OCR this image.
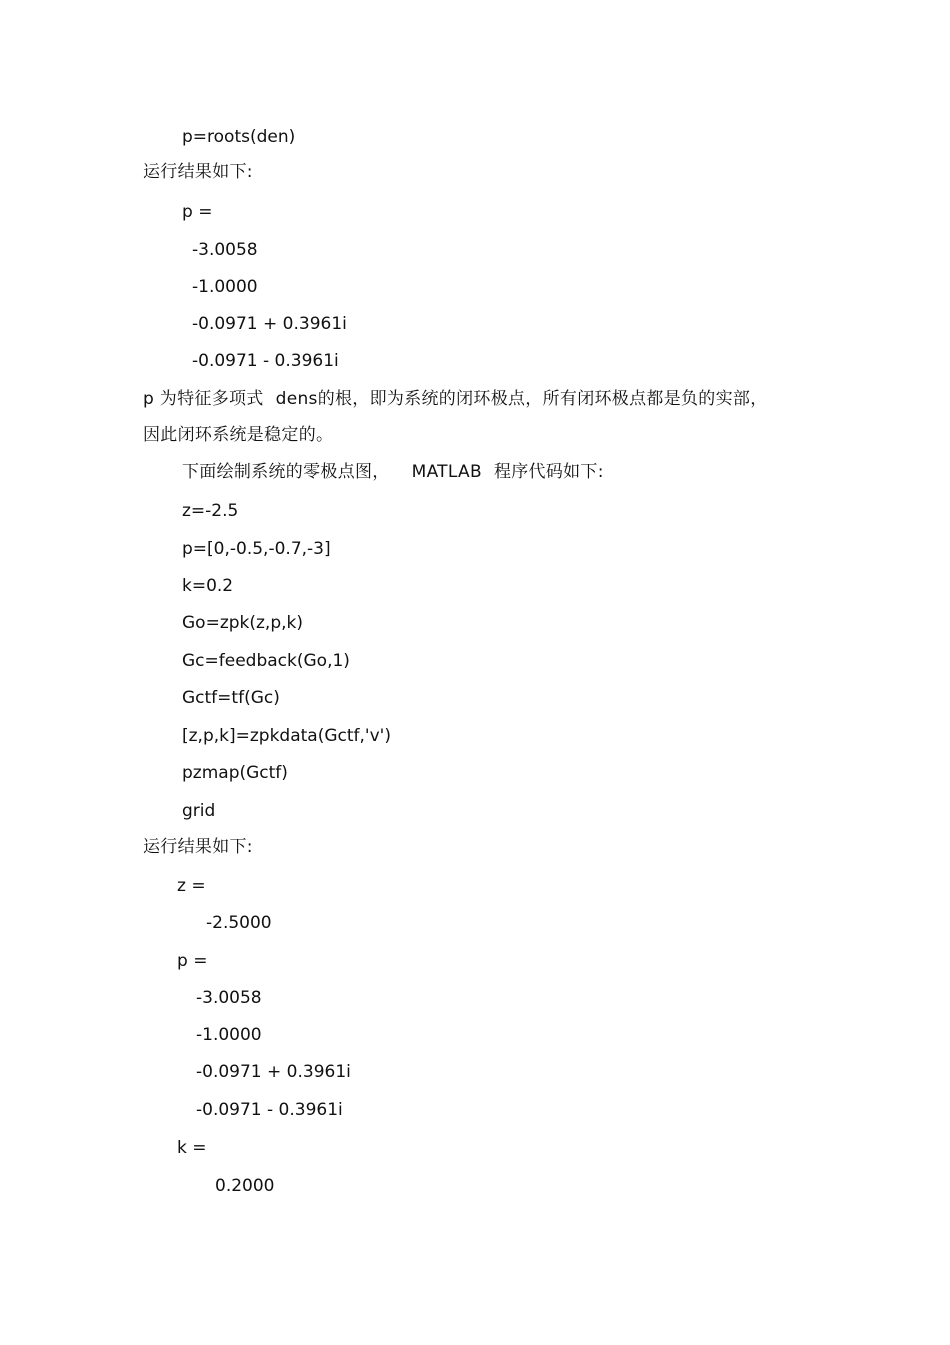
p=roots(den)

运行结果如下:

p =

-3.0058

-1.0000

-0.0971 + 0.3961i

-0.0971 - 0.3961i

p 为特征多项式 dens的根，即为系统的闭环极点，所有闭环极点都是负的实部，

因此闭环系统是稳定的。

下面绘制系统的零极点图， MATLAB 程序代码如下:

z=-2.5

p=[0,-0.5,-0.7,-3]

k=0.2

Go=zpk(z,p,k)

Gc=feedback(Go,1)

Gctf=tf(Gc)

[z,p,k]=zpkdata(Gctf,'v')

pzmap(Gctf)

grid

运行结果如下:

z =

-2.5000

p =

-3.0058

-1.0000

-0.0971 + 0.3961i

-0.0971 - 0.3961i

k =

0.2000
